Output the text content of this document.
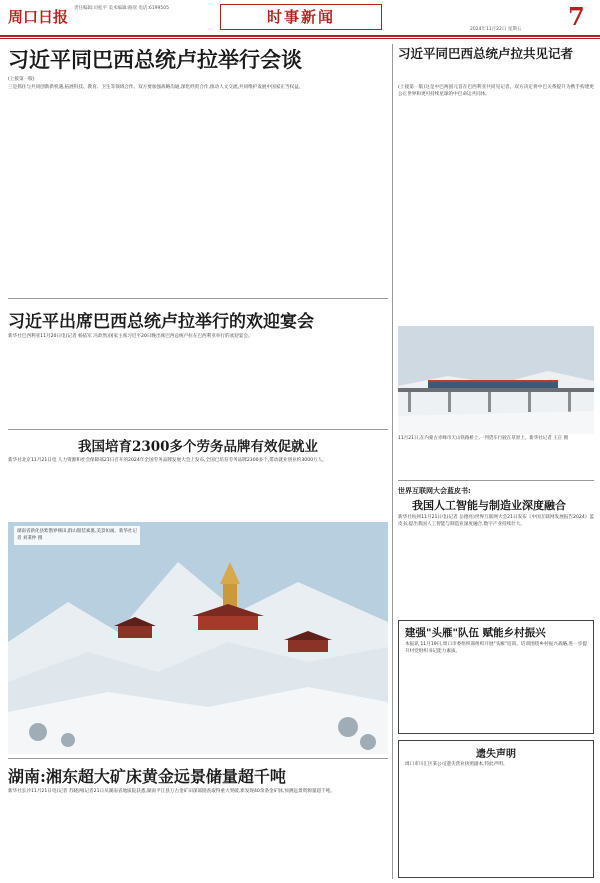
周口日报 责任编辑:司松平 美术编辑:路瑶 电话:6199505	时事新闻	7
2024年11月22日 星期五
习近平同巴西总统卢拉举行会谈
(上接第一版)
三是抓住与共同创新新机遇,拓展科技、教育、卫生等领域合作。双方要加强战略沟通,深化经贸合作,推动人文交流,共同维护发展中国家正当权益。
习近平出席巴西总统卢拉举行的欢迎宴会
新华社巴西利亚11月20日电(记者 杨依军 冯歆然)国家主席习近平20日晚出席巴西总统卢拉在巴西利亚举行的欢迎宴会。
我国培育2300多个劳务品牌有效促就业
新华社北京11月21日电 人力资源和社会保障部21日召开的2024年全国劳务品牌发展大会上发布,全国已培育劳务品牌2300多个,带动就业创业约3000万人。
湖南省新化县紫鹊界梯田,群山银装素裹,美景如画。新华社记者 刘秉仲 摄
湖南:湘东超大矿床黄金远景储量超千吨
新华社长沙11月21日电(记者 苏晓洲)记者21日从湖南省地质院获悉,湖南平江县万古金矿田深部勘查取得重大突破,新发现40余条金矿脉,预测远景资源量超千吨。
习近平同巴西总统卢拉共见记者
(上接第一版)这是中巴两国元首在巴西利亚共同见记者。双方决定将中巴关系提升为携手构建更公正世界和更可持续星球的中巴命运共同体。
11月21日,在内蒙古赤峰市天山铁路桥上,一列货车行驶在草原上。新华社记者 王正 摄
世界互联网大会蓝皮书:
我国人工智能与制造业深度融合
新华社杭州11月21日电(记者 岳德亮)世界互联网大会21日发布《中国互联网发展报告2024》蓝皮书,提出我国人工智能与制造业深度融合,数字产业持续壮大。
建强"头雁"队伍 赋能乡村振兴
本报讯 11月19日,周口市委组织部组织开展"头雁"培训。培训围绕乡村振兴战略,进一步提升村党组织书记能力素质。
遗失声明
周口市川汇区某公司遗失营业执照副本,特此声明。
